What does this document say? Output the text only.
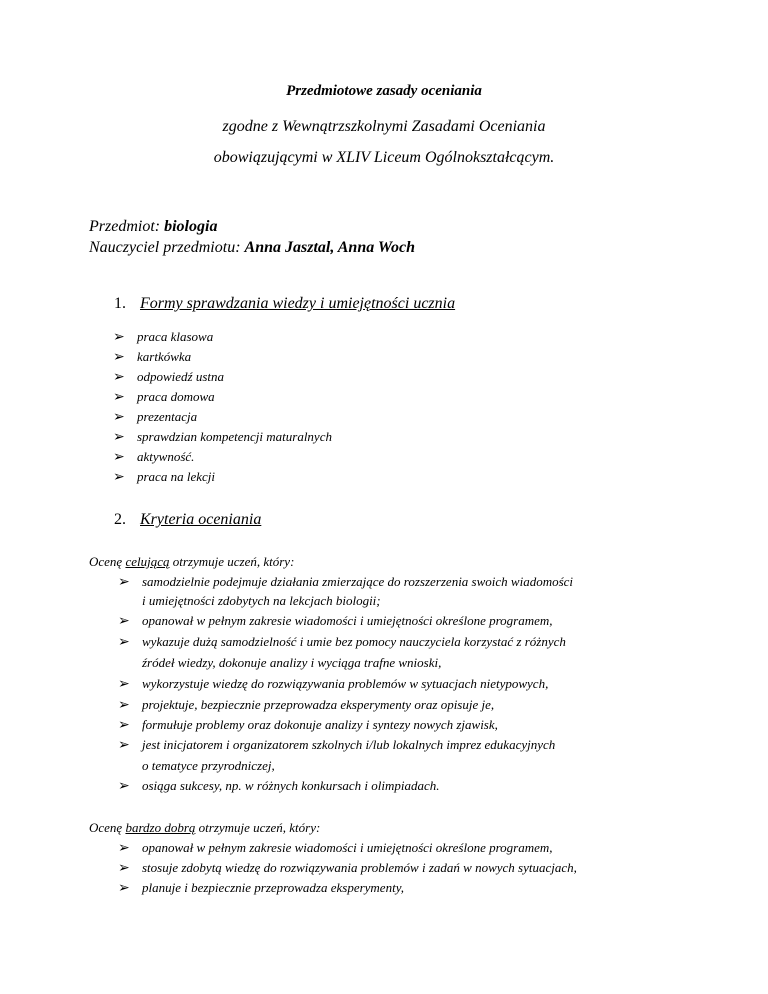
Przedmiotowe zasady oceniania
zgodne z Wewnątrzszkolnymi Zasadami Oceniania
obowiązującymi w XLIV Liceum Ogólnokształcącym.
Przedmiot: biologia
Nauczyciel przedmiotu: Anna Jasztal, Anna Woch
1. Formy sprawdzania wiedzy i umiejętności ucznia
➢ praca klasowa
➢ kartkówka
➢ odpowiedź ustna
➢ praca domowa
➢ prezentacja
➢ sprawdzian kompetencji maturalnych
➢ aktywność.
➢ praca na lekcji
2. Kryteria oceniania
Ocenę celującą otrzymuje uczeń, który:
➢ samodzielnie podejmuje działania zmierzające do rozszerzenia swoich wiadomości
i umiejętności zdobytych na lekcjach biologii;
➢ opanował w pełnym zakresie wiadomości i umiejętności określone programem,
➢ wykazuje dużą samodzielność i umie bez pomocy nauczyciela korzystać z różnych
źródeł wiedzy, dokonuje analizy i wyciąga trafne wnioski,
➢ wykorzystuje wiedzę do rozwiązywania problemów w sytuacjach nietypowych,
➢ projektuje, bezpiecznie przeprowadza eksperymenty oraz opisuje je,
➢ formułuje problemy oraz dokonuje analizy i syntezy nowych zjawisk,
➢ jest inicjatorem i organizatorem szkolnych i/lub lokalnych imprez edukacyjnych
o tematyce przyrodniczej,
➢ osiąga sukcesy, np. w różnych konkursach i olimpiadach.
Ocenę bardzo dobrą otrzymuje uczeń, który:
➢ opanował w pełnym zakresie wiadomości i umiejętności określone programem,
➢ stosuje zdobytą wiedzę do rozwiązywania problemów i zadań w nowych sytuacjach,
➢ planuje i bezpiecznie przeprowadza eksperymenty,
